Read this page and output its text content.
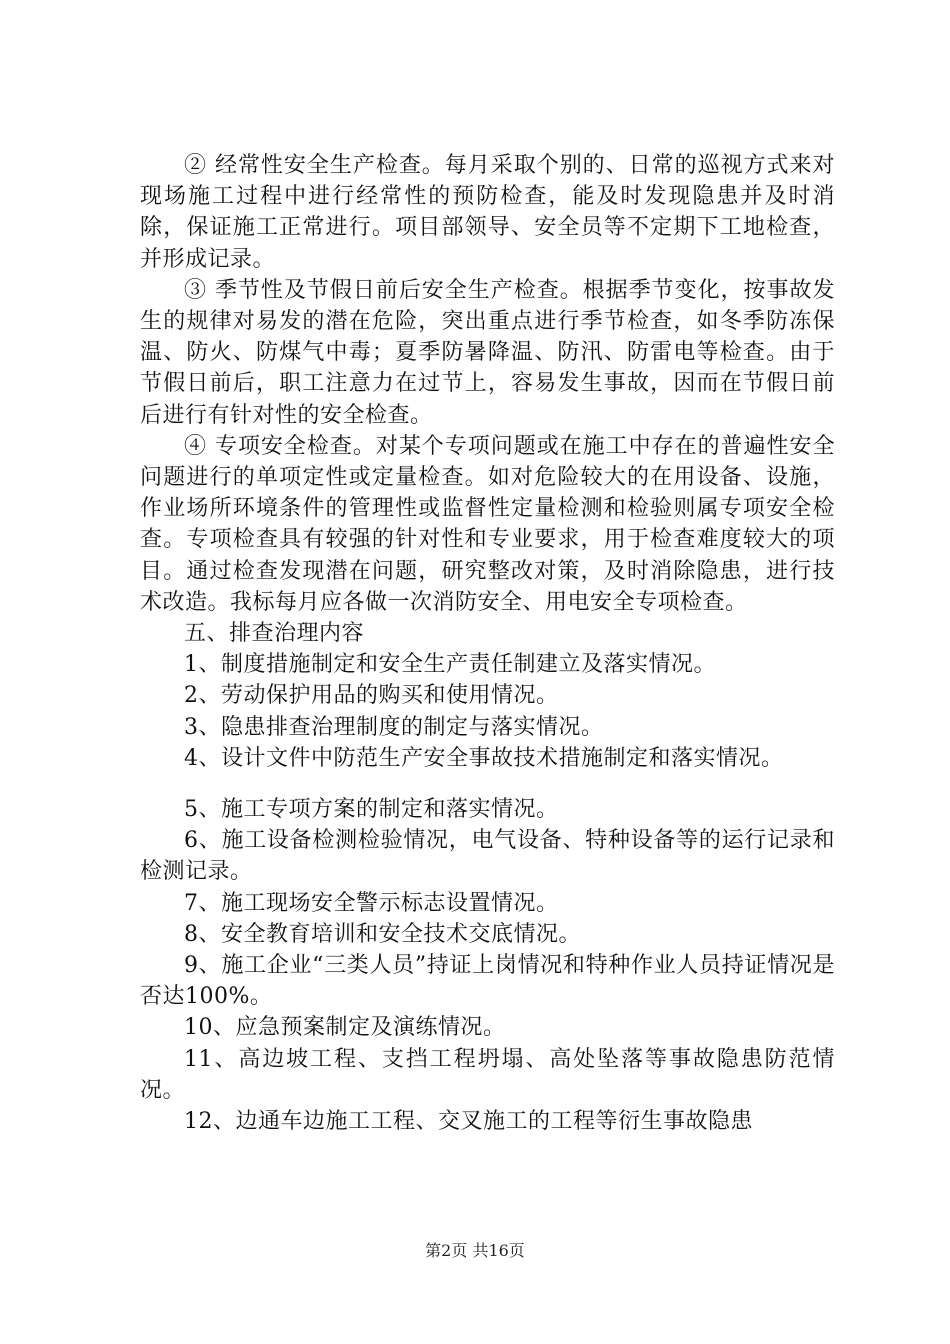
② 经常性安全生产检查。每月采取个别的、日常的巡视方式来对现场施工过程中进行经常性的预防检查，能及时发现隐患并及时消除，保证施工正常进行。项目部领导、安全员等不定期下工地检查，并形成记录。

③ 季节性及节假日前后安全生产检查。根据季节变化，按事故发生的规律对易发的潜在危险，突出重点进行季节检查，如冬季防冻保温、防火、防煤气中毒；夏季防暑降温、防汛、防雷电等检查。由于节假日前后，职工注意力在过节上，容易发生事故，因而在节假日前后进行有针对性的安全检查。

④ 专项安全检查。对某个专项问题或在施工中存在的普遍性安全问题进行的单项定性或定量检查。如对危险较大的在用设备、设施，作业场所环境条件的管理性或监督性定量检测和检验则属专项安全检查。专项检查具有较强的针对性和专业要求，用于检查难度较大的项目。通过检查发现潜在问题，研究整改对策，及时消除隐患，进行技术改造。我标每月应各做一次消防安全、用电安全专项检查。

五、排查治理内容

1、制度措施制定和安全生产责任制建立及落实情况。

2、劳动保护用品的购买和使用情况。

3、隐患排查治理制度的制定与落实情况。

4、设计文件中防范生产安全事故技术措施制定和落实情况。

5、施工专项方案的制定和落实情况。

6、施工设备检测检验情况，电气设备、特种设备等的运行记录和检测记录。

7、施工现场安全警示标志设置情况。

8、安全教育培训和安全技术交底情况。

9、施工企业“三类人员”持证上岗情况和特种作业人员持证情况是否达100%。

10、应急预案制定及演练情况。

11、高边坡工程、支挡工程坍塌、高处坠落等事故隐患防范情况。

12、边通车边施工工程、交叉施工的工程等衍生事故隐患

第2页 共16页
